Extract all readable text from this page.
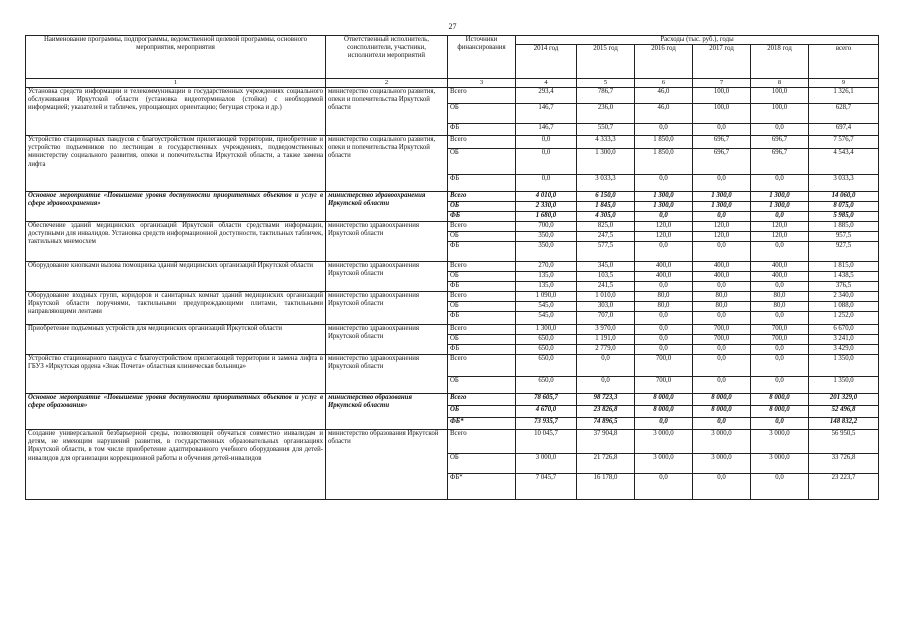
27
Наименование программы, подпрограммы, ведомственной целевой программы, основного мероприятия, мероприятия	Ответственный исполнитель, соисполнители, участники, исполнители мероприятий	Источники финансирования	Расходы (тыс. руб.), годы					
			2014 год	2015 год	2016 год	2017 год	2018 год	всего
1	2	3	4	5	6	7	8	9
Установка средств информации и телекоммуникации в государственных учреждениях социального обслуживания Иркутской области (установка видеотерминалов (стойки) с необходимой информацией; указателей и табличек, упрощающих ориентацию; бегущая строка и др.)	министерство социального развития, опеки и попечительства Иркутской области	Всего	293,4	786,7	46,0	100,0	100,0	1 326,1
		ОБ	146,7	236,0	46,0	100,0	100,0	628,7
		ФБ	146,7	550,7	0,0	0,0	0,0	697,4
Устройство стационарных пандусов с благоустройством прилегающей территории, приобретение и устройство подъемников по лестницам в государственных учреждениях, подведомственных министерству социального развития, опеки и попечительства Иркутской области, а также замена лифта	министерство социального развития, опеки и попечительства Иркутской области	Всего	0,0	4 333,3	1 850,0	696,7	696,7	7 576,7
		ОБ	0,0	1 300,0	1 850,0	696,7	696,7	4 543,4
		ФБ	0,0	3 033,3	0,0	0,0	0,0	3 033,3
Основное мероприятие «Повышение уровня доступности приоритетных объектов и услуг в сфере здравоохранения»	министерство здравоохранения Иркутской области	Всего	4 010,0	6 150,0	1 300,0	1 300,0	1 300,0	14 060,0
		ОБ	2 330,0	1 845,0	1 300,0	1 300,0	1 300,0	8 075,0
		ФБ	1 680,0	4 305,0	0,0	0,0	0,0	5 985,0
Обеспечение зданий медицинских организаций Иркутской области средствами информации, доступными для инвалидов. Установка средств информационной доступности, тактильных табличек, тактильных мнемосхем	министерство здравоохранения Иркутской области	Всего	700,0	825,0	120,0	120,0	120,0	1 885,0
		ОБ	350,0	247,5	120,0	120,0	120,0	957,5
		ФБ	350,0	577,5	0,0	0,0	0,0	927,5
Оборудование кнопками вызова помощника зданий медицинских организаций Иркутской области	министерство здравоохранения Иркутской области	Всего	270,0	345,0	400,0	400,0	400,0	1 815,0
		ОБ	135,0	103,5	400,0	400,0	400,0	1 438,5
		ФБ	135,0	241,5	0,0	0,0	0,0	376,5
Оборудование входных групп, коридоров и санитарных комнат зданий медицинских организаций Иркутской области поручнями, тактильными предупреждающими плитами, тактильными направляющими лентами	министерство здравоохранения Иркутской области	Всего	1 090,0	1 010,0	80,0	80,0	80,0	2 340,0
		ОБ	545,0	303,0	80,0	80,0	80,0	1 088,0
		ФБ	545,0	707,0	0,0	0,0	0,0	1 252,0
Приобретение подъемных устройств для медицинских организаций Иркутской области	министерство здравоохранения Иркутской области	Всего	1 300,0	3 970,0	0,0	700,0	700,0	6 670,0
		ОБ	650,0	1 191,0	0,0	700,0	700,0	3 241,0
		ФБ	650,0	2 779,0	0,0	0,0	0,0	3 429,0
Устройство стационарного пандуса с благоустройством прилегающей территории и замена лифта в ГБУЗ «Иркутская ордена «Знак Почета» областная клиническая больница»	министерство здравоохранения Иркутской области	Всего	650,0	0,0	700,0	0,0	0,0	1 350,0
		ОБ	650,0	0,0	700,0	0,0	0,0	1 350,0
Основное мероприятие «Повышение уровня доступности приоритетных объектов и услуг в сфере образования»	министерство образования Иркутской области	Всего	78 605,7	98 723,3	8 000,0	8 000,0	8 000,0	201 329,0
		ОБ	4 670,0	23 826,8	8 000,0	8 000,0	8 000,0	52 496,8
		ФБ*	73 935,7	74 896,5	0,0	0,0	0,0	148 832,2
Создание универсальной безбарьерной среды, позволяющей обучаться совместно инвалидам и детям, не имеющим нарушений развития, в государственных образовательных организациях Иркутской области, в том числе приобретение адаптированного учебного оборудования для детей-инвалидов для организации коррекционной работы и обучения детей-инвалидов	министерство образования Иркутской области	Всего	10 045,7	37 904,8	3 000,0	3 000,0	3 000,0	56 950,5
		ОБ	3 000,0	21 726,8	3 000,0	3 000,0	3 000,0	33 726,8
		ФБ*	7 045,7	16 178,0	0,0	0,0	0,0	23 223,7
